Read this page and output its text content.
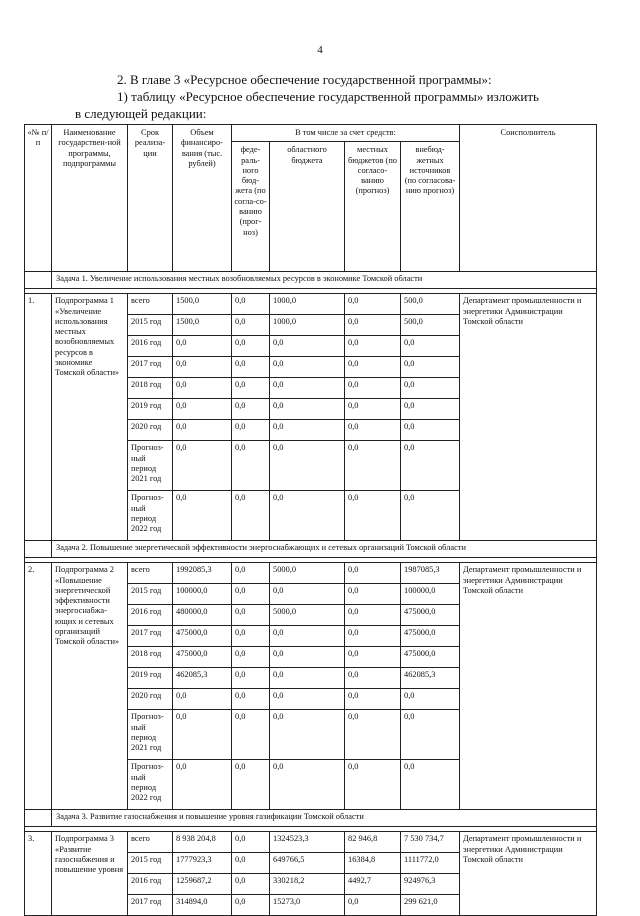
4
2. В главе 3 «Ресурсное обеспечение государственной программы»:
1) таблицу «Ресурсное обеспечение государственной программы» изложить
в следующей редакции:
«№ п/п	Наименование государствен-ной программы, подпрограммы	Срок реализа-ции	Объем финансиро-вания (тыс. рублей)	В том числе за счет средств:				Соисполнитель
				феде-раль-ного бюд-жета (по согла-со-ванию (прог-ноз)	областного бюджета	местных бюджетов (по согласо-ванию (прогноз)	внебюд-жетных источников (по согласова-нию прогноз)	
	Задача 1. Увеличение использования местных возобновляемых ресурсов в экономике Томской области							

1.	Подпрограмма 1 «Увеличение использования местных возобновляемых ресурсов в экономике Томской области»	всего	1500,0	0,0	1000,0	0,0	500,0	Департамент промышленности и энергетики Администрации Томской области
		2015 год	1500,0	0,0	1000,0	0,0	500,0	
		2016 год	0,0	0,0	0,0	0,0	0,0	
		2017 год	0,0	0,0	0,0	0,0	0,0	
		2018 год	0,0	0,0	0,0	0,0	0,0	
		2019 год	0,0	0,0	0,0	0,0	0,0	
		2020 год	0,0	0,0	0,0	0,0	0,0	
		Прогноз-ный период 2021 год	0,0	0,0	0,0	0,0	0,0	
		Прогноз-ный период 2022 год	0,0	0,0	0,0	0,0	0,0	
	Задача 2. Повышение энергетической эффективности энергоснабжающих и сетевых организаций Томской области							

2.	Подпрограмма 2 «Повышение энергетической эффективности энергоснабжа-ющих и сетевых организаций Томской области»	всего	1992085,3	0,0	5000,0	0,0	1987085,3	Департамент промышленности и энергетики Администрации Томской области
		2015 год	100000,0	0,0	0,0	0,0	100000,0	
		2016 год	480000,0	0,0	5000,0	0,0	475000,0	
		2017 год	475000,0	0,0	0,0	0,0	475000,0	
		2018 год	475000,0	0,0	0,0	0,0	475000,0	
		2019 год	462085,3	0,0	0,0	0,0	462085,3	
		2020 год	0,0	0,0	0,0	0,0	0,0	
		Прогноз-ный период 2021 год	0,0	0,0	0,0	0,0	0,0	
		Прогноз-ный период 2022 год	0,0	0,0	0,0	0,0	0,0	
	Задача 3. Развитие газоснабжения и повышение уровня газификации Томской области							

3.	Подпрограмма 3 «Развитие газоснабжения и повышение уровня	всего	8 938 204,8	0,0	1324523,3	82 946,8	7 530 734,7	Департамент промышленности и энергетики Администрации Томской области
		2015 год	1777923,3	0,0	649766,5	16384,8	1111772,0	
		2016 год	1259687,2	0,0	330218,2	4492,7	924976,3	
		2017 год	314894,0	0,0	15273,0	0,0	299 621,0	
